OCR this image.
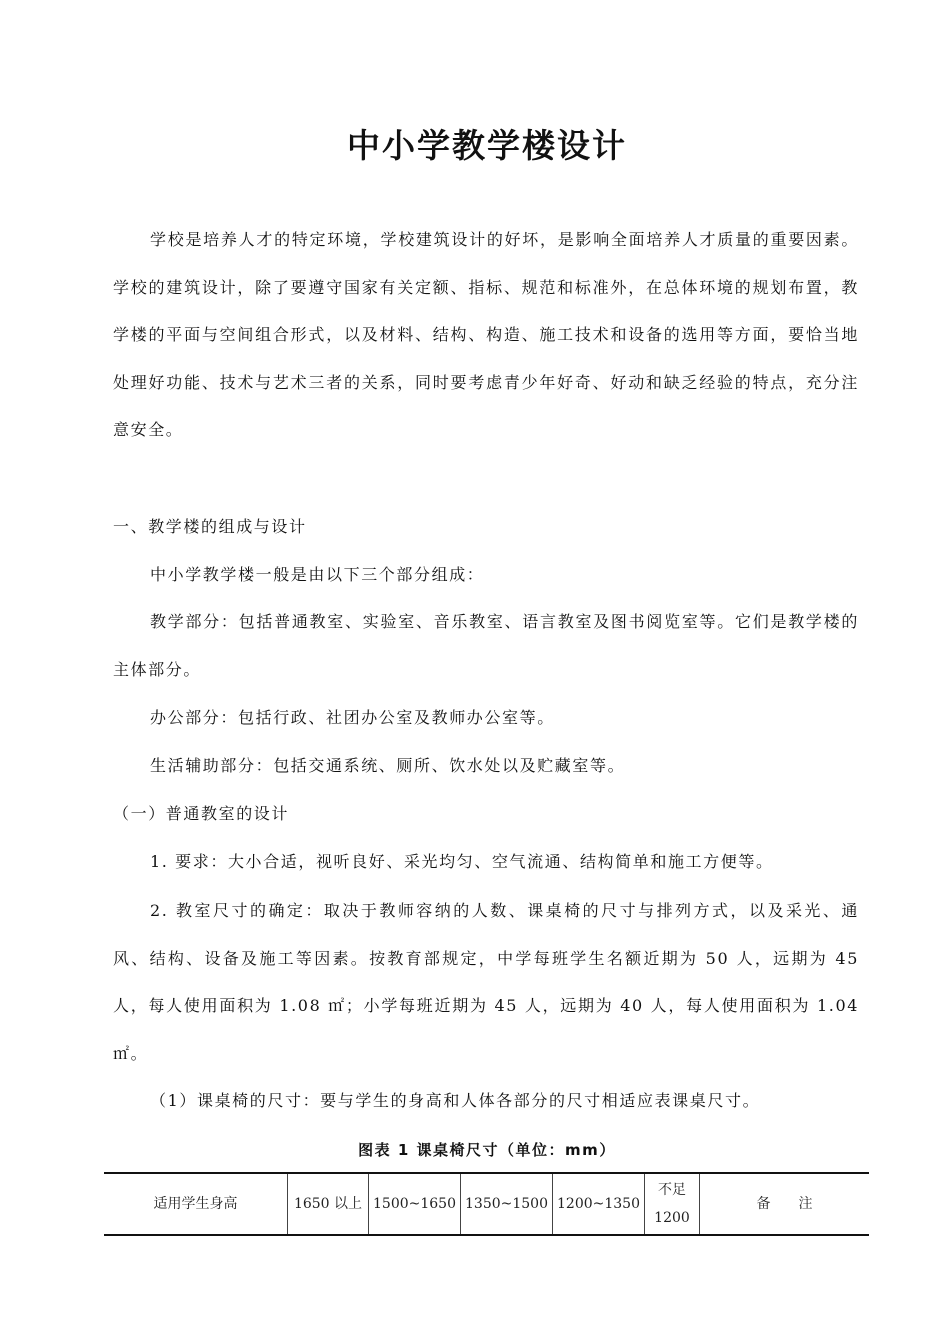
中小学教学楼设计

学校是培养人才的特定环境，学校建筑设计的好坏，是影响全面培养人才质量的重要因素。学校的建筑设计，除了要遵守国家有关定额、指标、规范和标准外，在总体环境的规划布置，教学楼的平面与空间组合形式，以及材料、结构、构造、施工技术和设备的选用等方面，要恰当地处理好功能、技术与艺术三者的关系，同时要考虑青少年好奇、好动和缺乏经验的特点，充分注意安全。

一、教学楼的组成与设计

中小学教学楼一般是由以下三个部分组成：

教学部分：包括普通教室、实验室、音乐教室、语言教室及图书阅览室等。它们是教学楼的主体部分。

办公部分：包括行政、社团办公室及教师办公室等。

生活辅助部分：包括交通系统、厕所、饮水处以及贮藏室等。

（一）普通教室的设计

1. 要求：大小合适，视听良好、采光均匀、空气流通、结构简单和施工方便等。

2. 教室尺寸的确定：取决于教师容纳的人数、课桌椅的尺寸与排列方式，以及采光、通风、结构、设备及施工等因素。按教育部规定，中学每班学生名额近期为 50 人，远期为 45 人，每人使用面积为 1.08 ㎡；小学每班近期为 45 人，远期为 40 人，每人使用面积为 1.04 ㎡。

（1）课桌椅的尺寸：要与学生的身高和人体各部分的尺寸相适应表课桌尺寸。

图表 1 课桌椅尺寸（单位：mm）
适用学生身高	1650 以上	1500~1650	1350~1500	1200~1350	不足 1200	备　　注
